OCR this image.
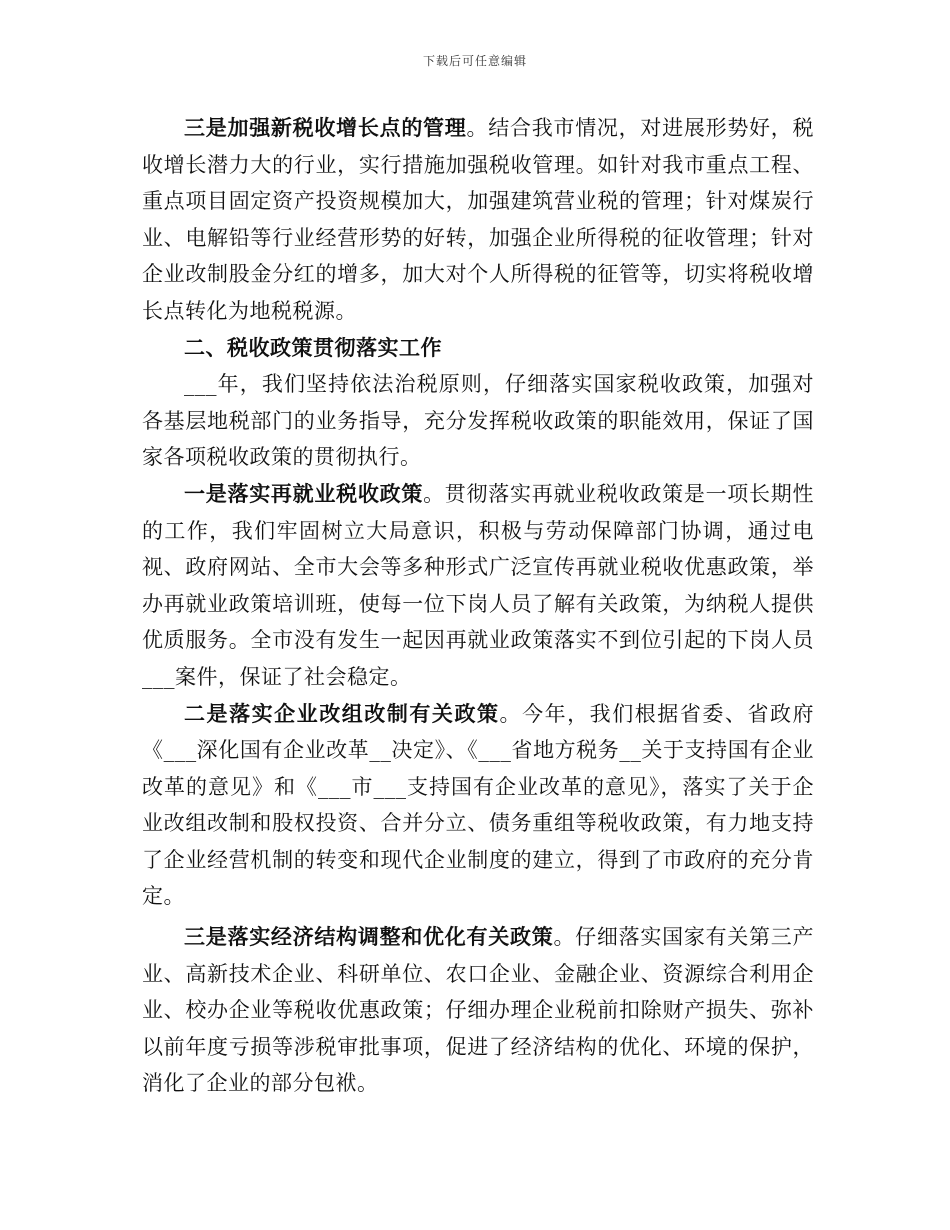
下载后可任意编辑

三是加强新税收增长点的管理。结合我市情况，对进展形势好，税收增长潜力大的行业，实行措施加强税收管理。如针对我市重点工程、重点项目固定资产投资规模加大，加强建筑营业税的管理；针对煤炭行业、电解铅等行业经营形势的好转，加强企业所得税的征收管理；针对企业改制股金分红的增多，加大对个人所得税的征管等，切实将税收增长点转化为地税税源。

二、税收政策贯彻落实工作

___年，我们坚持依法治税原则，仔细落实国家税收政策，加强对各基层地税部门的业务指导，充分发挥税收政策的职能效用，保证了国家各项税收政策的贯彻执行。

一是落实再就业税收政策。贯彻落实再就业税收政策是一项长期性的工作，我们牢固树立大局意识，积极与劳动保障部门协调，通过电视、政府网站、全市大会等多种形式广泛宣传再就业税收优惠政策，举办再就业政策培训班，使每一位下岗人员了解有关政策，为纳税人提供优质服务。全市没有发生一起因再就业政策落实不到位引起的下岗人员___案件，保证了社会稳定。

二是落实企业改组改制有关政策。今年，我们根据省委、省政府《___深化国有企业改革__决定》、《___省地方税务__关于支持国有企业改革的意见》和《___市___支持国有企业改革的意见》，落实了关于企业改组改制和股权投资、合并分立、债务重组等税收政策，有力地支持了企业经营机制的转变和现代企业制度的建立，得到了市政府的充分肯定。

三是落实经济结构调整和优化有关政策。仔细落实国家有关第三产业、高新技术企业、科研单位、农口企业、金融企业、资源综合利用企业、校办企业等税收优惠政策；仔细办理企业税前扣除财产损失、弥补以前年度亏损等涉税审批事项，促进了经济结构的优化、环境的保护，消化了企业的部分包袱。
